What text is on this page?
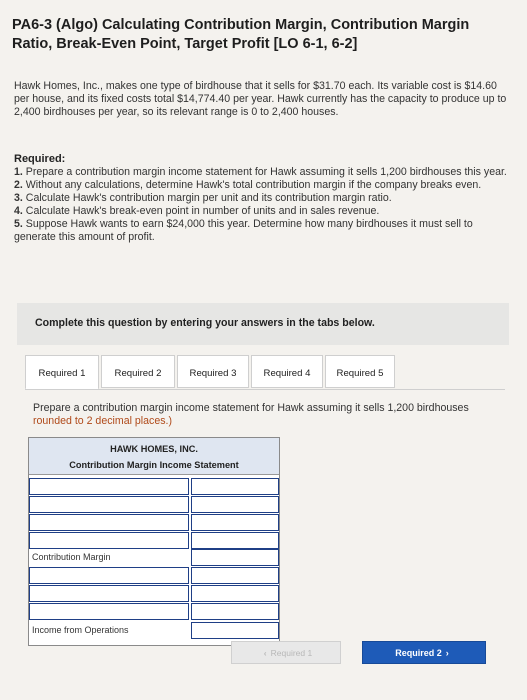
PA6-3 (Algo) Calculating Contribution Margin, Contribution Margin Ratio, Break-Even Point, Target Profit [LO 6-1, 6-2]
Hawk Homes, Inc., makes one type of birdhouse that it sells for $31.70 each. Its variable cost is $14.60 per house, and its fixed costs total $14,774.40 per year. Hawk currently has the capacity to produce up to 2,400 birdhouses per year, so its relevant range is 0 to 2,400 houses.
Required:
1. Prepare a contribution margin income statement for Hawk assuming it sells 1,200 birdhouses this year.
2. Without any calculations, determine Hawk's total contribution margin if the company breaks even.
3. Calculate Hawk's contribution margin per unit and its contribution margin ratio.
4. Calculate Hawk's break-even point in number of units and in sales revenue.
5. Suppose Hawk wants to earn $24,000 this year. Determine how many birdhouses it must sell to generate this amount of profit.
Complete this question by entering your answers in the tabs below.
Required 1	Required 2	Required 3	Required 4	Required 5
Prepare a contribution margin income statement for Hawk assuming it sells 1,200 birdhouses
rounded to 2 decimal places.)
HAWK HOMES, INC.
Contribution Margin Income Statement
Contribution Margin
Income from Operations
‹ Required 1	Required 2 ›
